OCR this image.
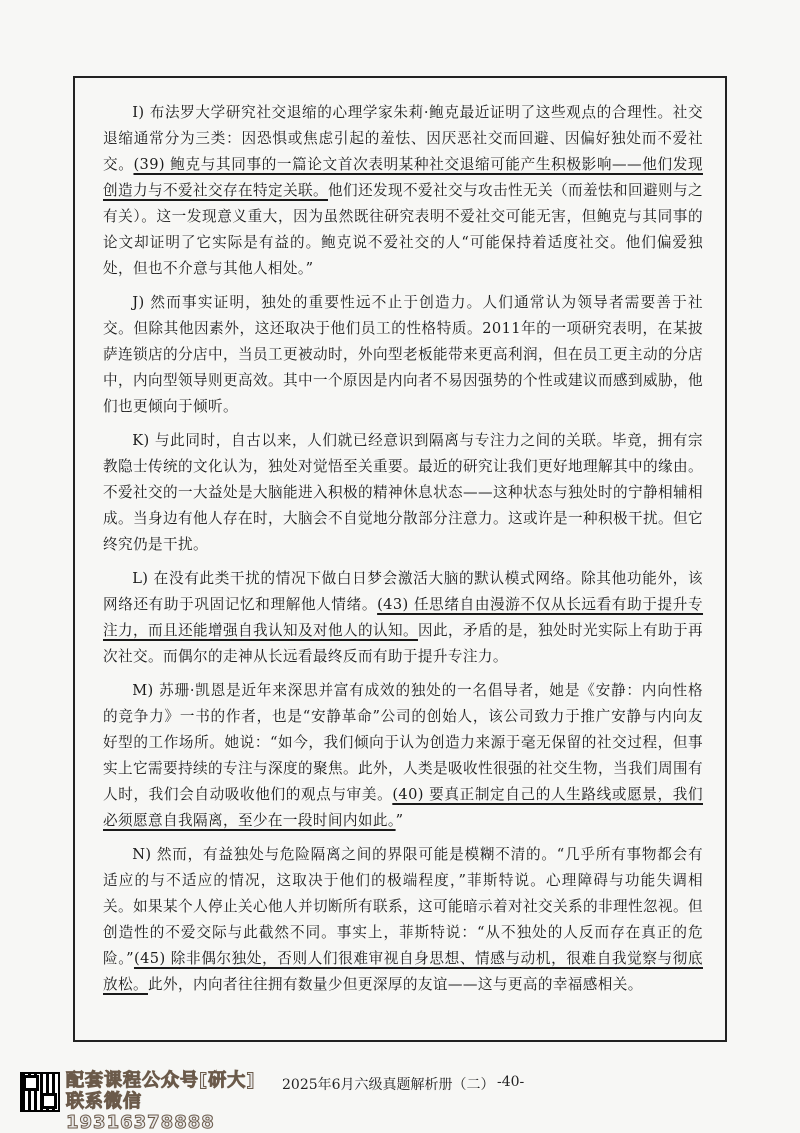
I) 布法罗大学研究社交退缩的心理学家朱莉·鲍克最近证明了这些观点的合理性。社交退缩通常分为三类：因恐惧或焦虑引起的羞怯、因厌恶社交而回避、因偏好独处而不爱社交。(39) 鲍克与其同事的一篇论文首次表明某种社交退缩可能产生积极影响——他们发现创造力与不爱社交存在特定关联。他们还发现不爱社交与攻击性无关（而羞怯和回避则与之有关）。这一发现意义重大，因为虽然既往研究表明不爱社交可能无害，但鲍克与其同事的论文却证明了它实际是有益的。鲍克说不爱社交的人“可能保持着适度社交。他们偏爱独处，但也不介意与其他人相处。”

J) 然而事实证明，独处的重要性远不止于创造力。人们通常认为领导者需要善于社交。但除其他因素外，这还取决于他们员工的性格特质。2011年的一项研究表明，在某披萨连锁店的分店中，当员工更被动时，外向型老板能带来更高利润，但在员工更主动的分店中，内向型领导则更高效。其中一个原因是内向者不易因强势的个性或建议而感到威胁，他们也更倾向于倾听。

K) 与此同时，自古以来，人们就已经意识到隔离与专注力之间的关联。毕竟，拥有宗教隐士传统的文化认为，独处对觉悟至关重要。最近的研究让我们更好地理解其中的缘由。不爱社交的一大益处是大脑能进入积极的精神休息状态——这种状态与独处时的宁静相辅相成。当身边有他人存在时，大脑会不自觉地分散部分注意力。这或许是一种积极干扰。但它终究仍是干扰。

L) 在没有此类干扰的情况下做白日梦会激活大脑的默认模式网络。除其他功能外，该网络还有助于巩固记忆和理解他人情绪。(43) 任思绪自由漫游不仅从长远看有助于提升专注力，而且还能增强自我认知及对他人的认知。因此，矛盾的是，独处时光实际上有助于再次社交。而偶尔的走神从长远看最终反而有助于提升专注力。

M) 苏珊·凯恩是近年来深思并富有成效的独处的一名倡导者，她是《安静：内向性格的竞争力》一书的作者，也是“安静革命”公司的创始人，该公司致力于推广安静与内向友好型的工作场所。她说：“如今，我们倾向于认为创造力来源于毫无保留的社交过程，但事实上它需要持续的专注与深度的聚焦。此外，人类是吸收性很强的社交生物，当我们周围有人时，我们会自动吸收他们的观点与审美。(40) 要真正制定自己的人生路线或愿景，我们必须愿意自我隔离，至少在一段时间内如此。”

N) 然而，有益独处与危险隔离之间的界限可能是模糊不清的。“几乎所有事物都会有适应的与不适应的情况，这取决于他们的极端程度，”菲斯特说。心理障碍与功能失调相关。如果某个人停止关心他人并切断所有联系，这可能暗示着对社交关系的非理性忽视。但创造性的不爱交际与此截然不同。事实上，菲斯特说：“从不独处的人反而存在真正的危险。”(45) 除非偶尔独处，否则人们很难审视自身思想、情感与动机，很难自我觉察与彻底放松。此外，内向者往往拥有数量少但更深厚的友谊——这与更高的幸福感相关。

配套课程公众号[研大]
联系微信19316378888
2025年6月六级真题解析册（二） -40-
